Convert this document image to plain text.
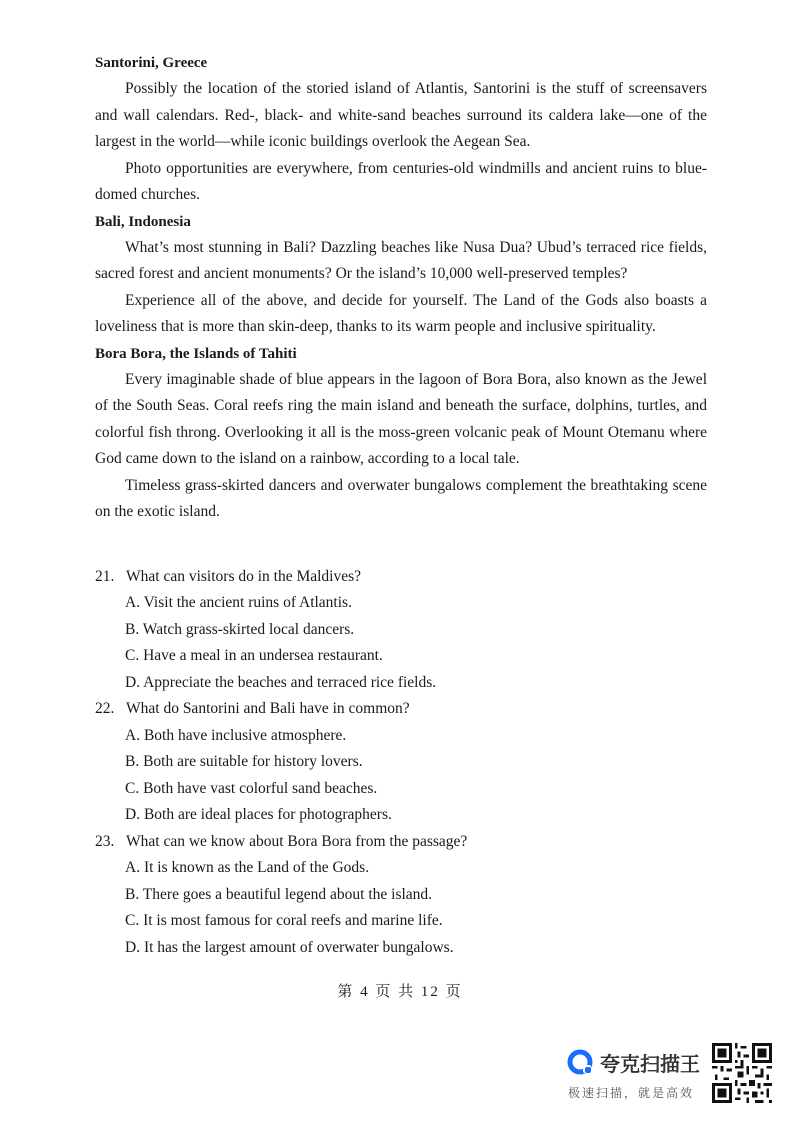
Santorini, Greece

Possibly the location of the storied island of Atlantis, Santorini is the stuff of screensavers and wall calendars. Red-, black- and white-sand beaches surround its caldera lake—one of the largest in the world—while iconic buildings overlook the Aegean Sea.

Photo opportunities are everywhere, from centuries-old windmills and ancient ruins to blue-domed churches.

Bali, Indonesia

What’s most stunning in Bali? Dazzling beaches like Nusa Dua? Ubud’s terraced rice fields, sacred forest and ancient monuments? Or the island’s 10,000 well-preserved temples?

Experience all of the above, and decide for yourself. The Land of the Gods also boasts a loveliness that is more than skin-deep, thanks to its warm people and inclusive spirituality.

Bora Bora, the Islands of Tahiti

Every imaginable shade of blue appears in the lagoon of Bora Bora, also known as the Jewel of the South Seas. Coral reefs ring the main island and beneath the surface, dolphins, turtles, and colorful fish throng. Overlooking it all is the moss-green volcanic peak of Mount Otemanu where God came down to the island on a rainbow, according to a local tale.

Timeless grass-skirted dancers and overwater bungalows complement the breathtaking scene on the exotic island.

21. What can visitors do in the Maldives?

A. Visit the ancient ruins of Atlantis.

B. Watch grass-skirted local dancers.

C. Have a meal in an undersea restaurant.

D. Appreciate the beaches and terraced rice fields.

22. What do Santorini and Bali have in common?

A. Both have inclusive atmosphere.

B. Both are suitable for history lovers.

C. Both have vast colorful sand beaches.

D. Both are ideal places for photographers.

23. What can we know about Bora Bora from the passage?

A. It is known as the Land of the Gods.

B. There goes a beautiful legend about the island.

C. It is most famous for coral reefs and marine life.

D. It has the largest amount of overwater bungalows.

第 4 页 共 12 页
夸克扫描王
极速扫描，就是高效
